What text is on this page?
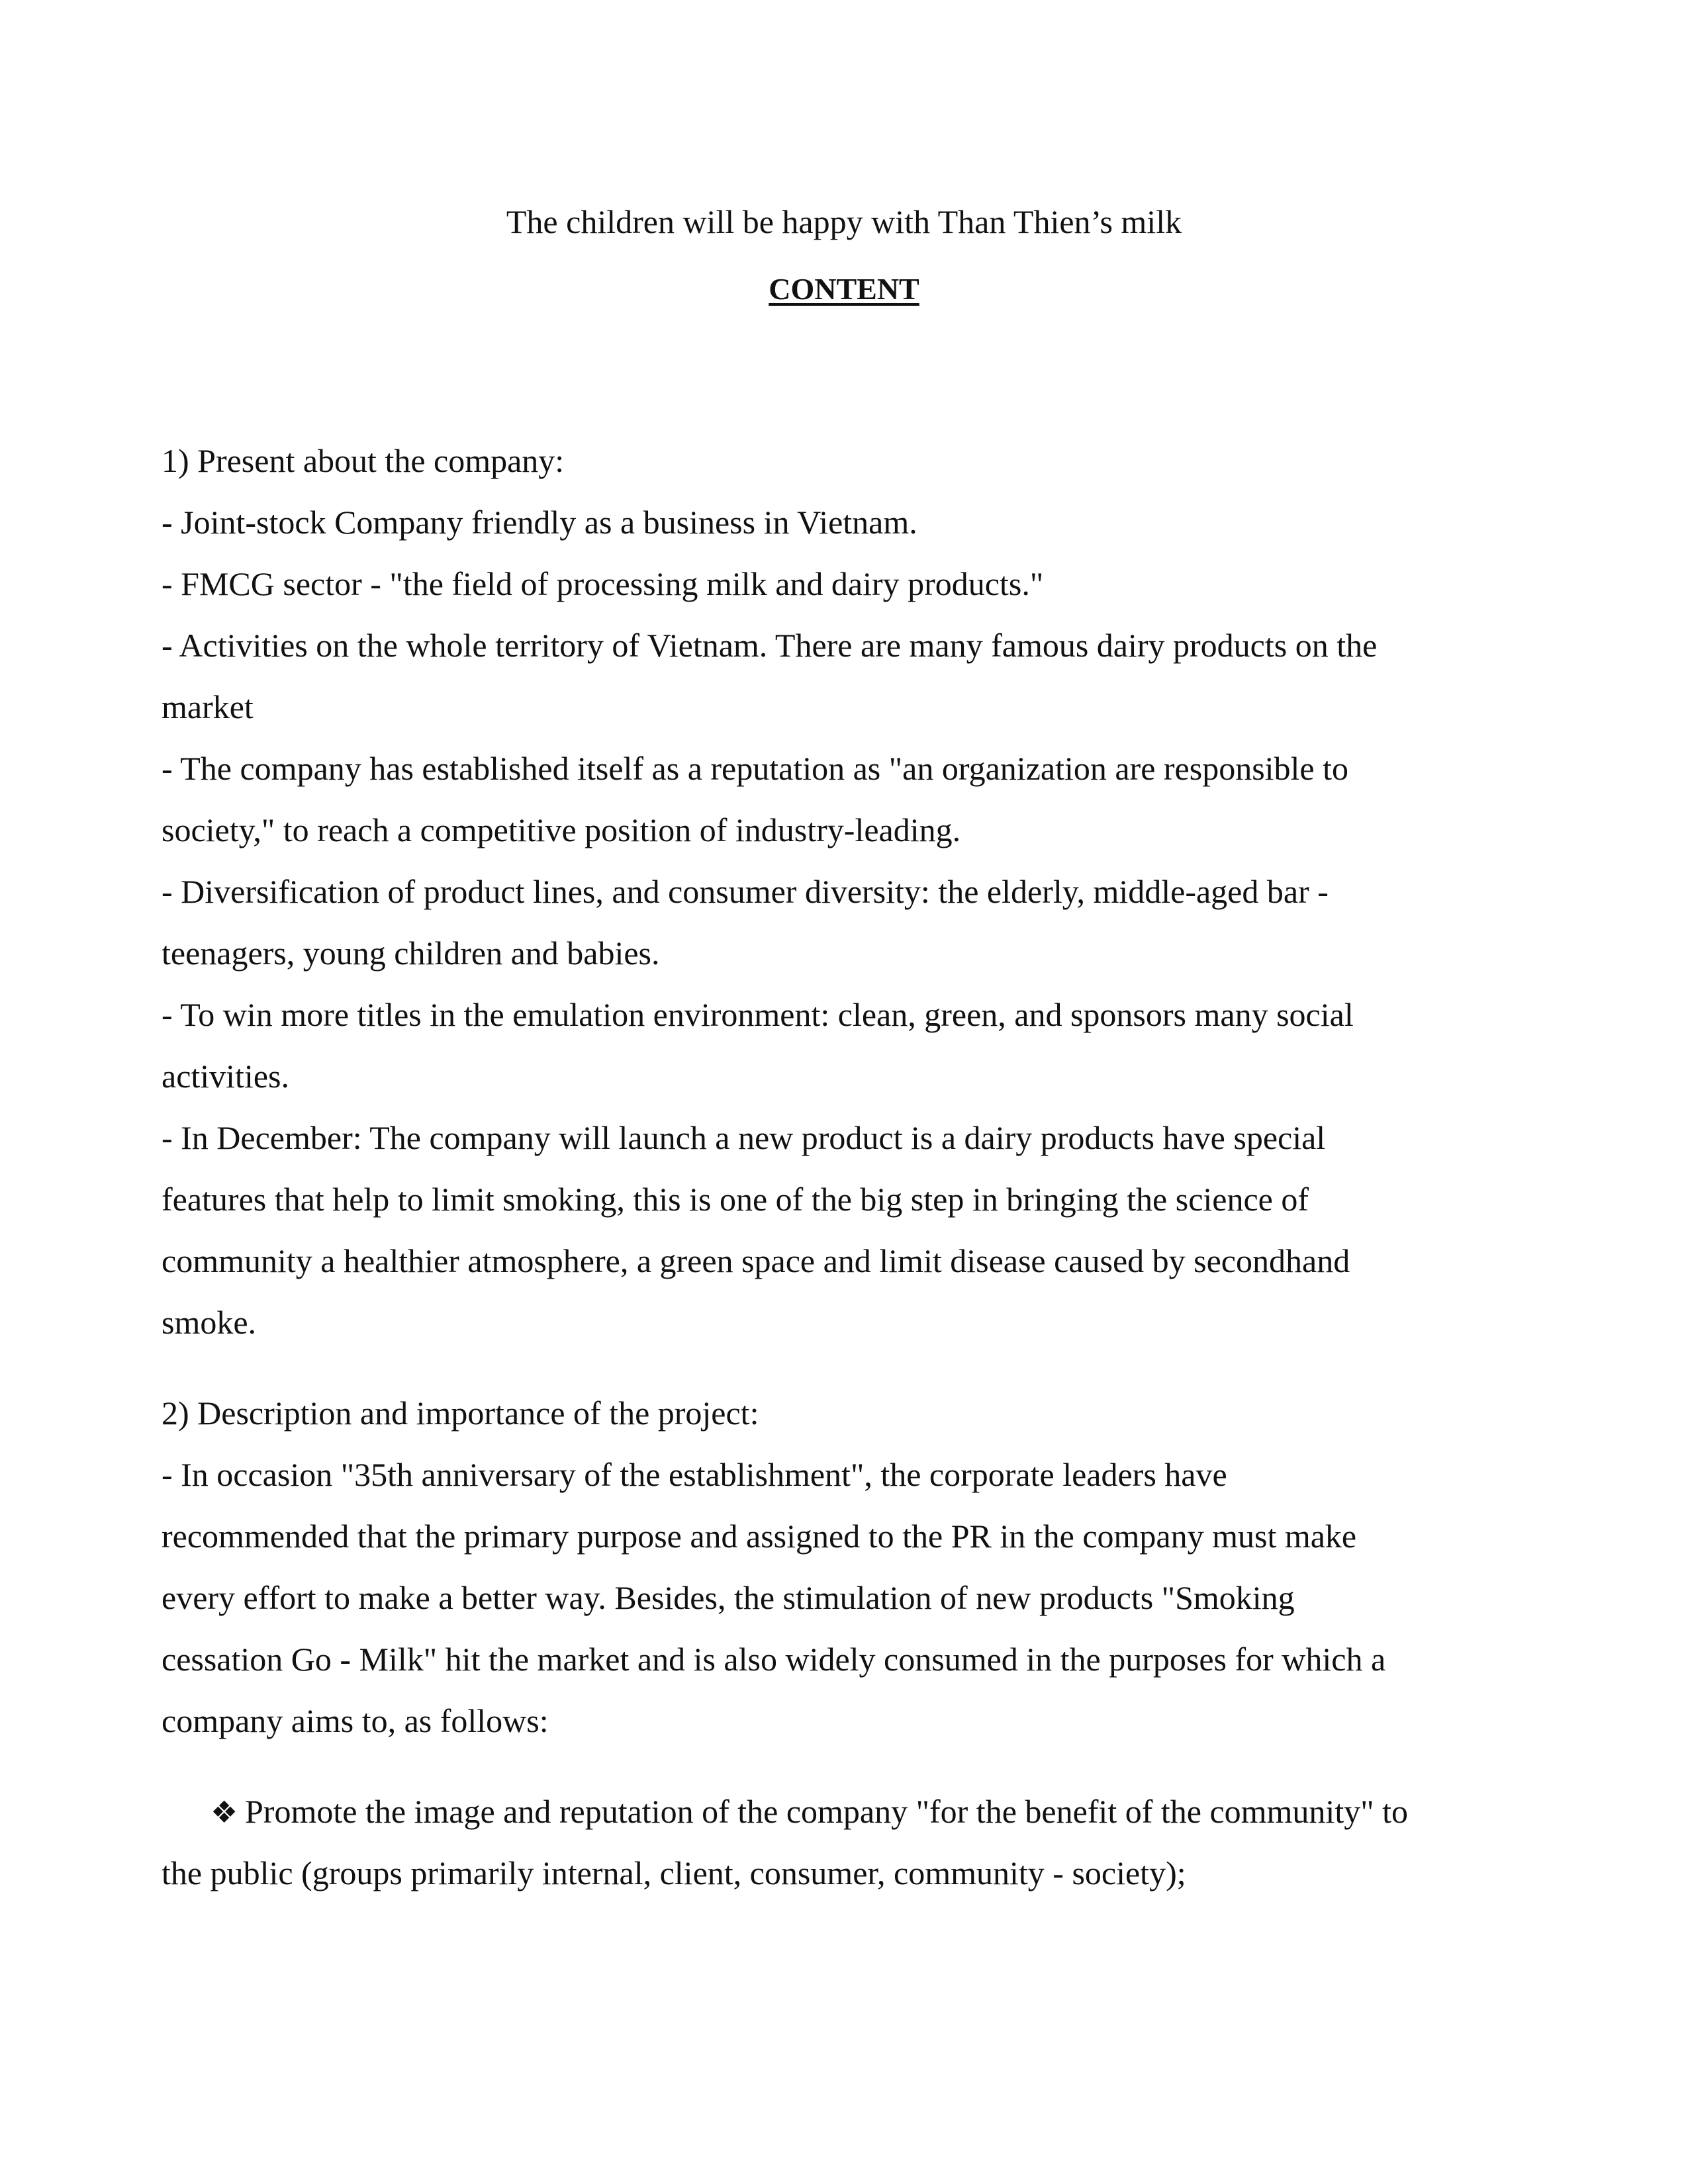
The children will be happy with Than Thien’s milk
CONTENT
1) Present about the company:
- Joint-stock Company friendly as a business in Vietnam.
- FMCG sector - "the field of processing milk and dairy products."
- Activities on the whole territory of Vietnam. There are many famous dairy products on the
market
- The company has established itself as a reputation as "an organization are responsible to
society," to reach a competitive position of industry-leading.
- Diversification of product lines, and consumer diversity: the elderly, middle-aged bar -
teenagers, young children and babies.
- To win more titles in the emulation environment: clean, green, and sponsors many social
activities.
- In December: The company will launch a new product is a dairy products have special
features that help to limit smoking, this is one of the big step in bringing the science of
community a healthier atmosphere, a green space and limit disease caused by secondhand
smoke.
2) Description and importance of the project:
- In occasion "35th anniversary of the establishment", the corporate leaders have
recommended that the primary purpose and assigned to the PR in the company must make
every effort to make a better way. Besides, the stimulation of new products "Smoking
cessation Go - Milk" hit the market and is also widely consumed in the purposes for which a
company aims to, as follows:
❖ Promote the image and reputation of the company "for the benefit of the community" to
the public (groups primarily internal, client, consumer, community - society);
